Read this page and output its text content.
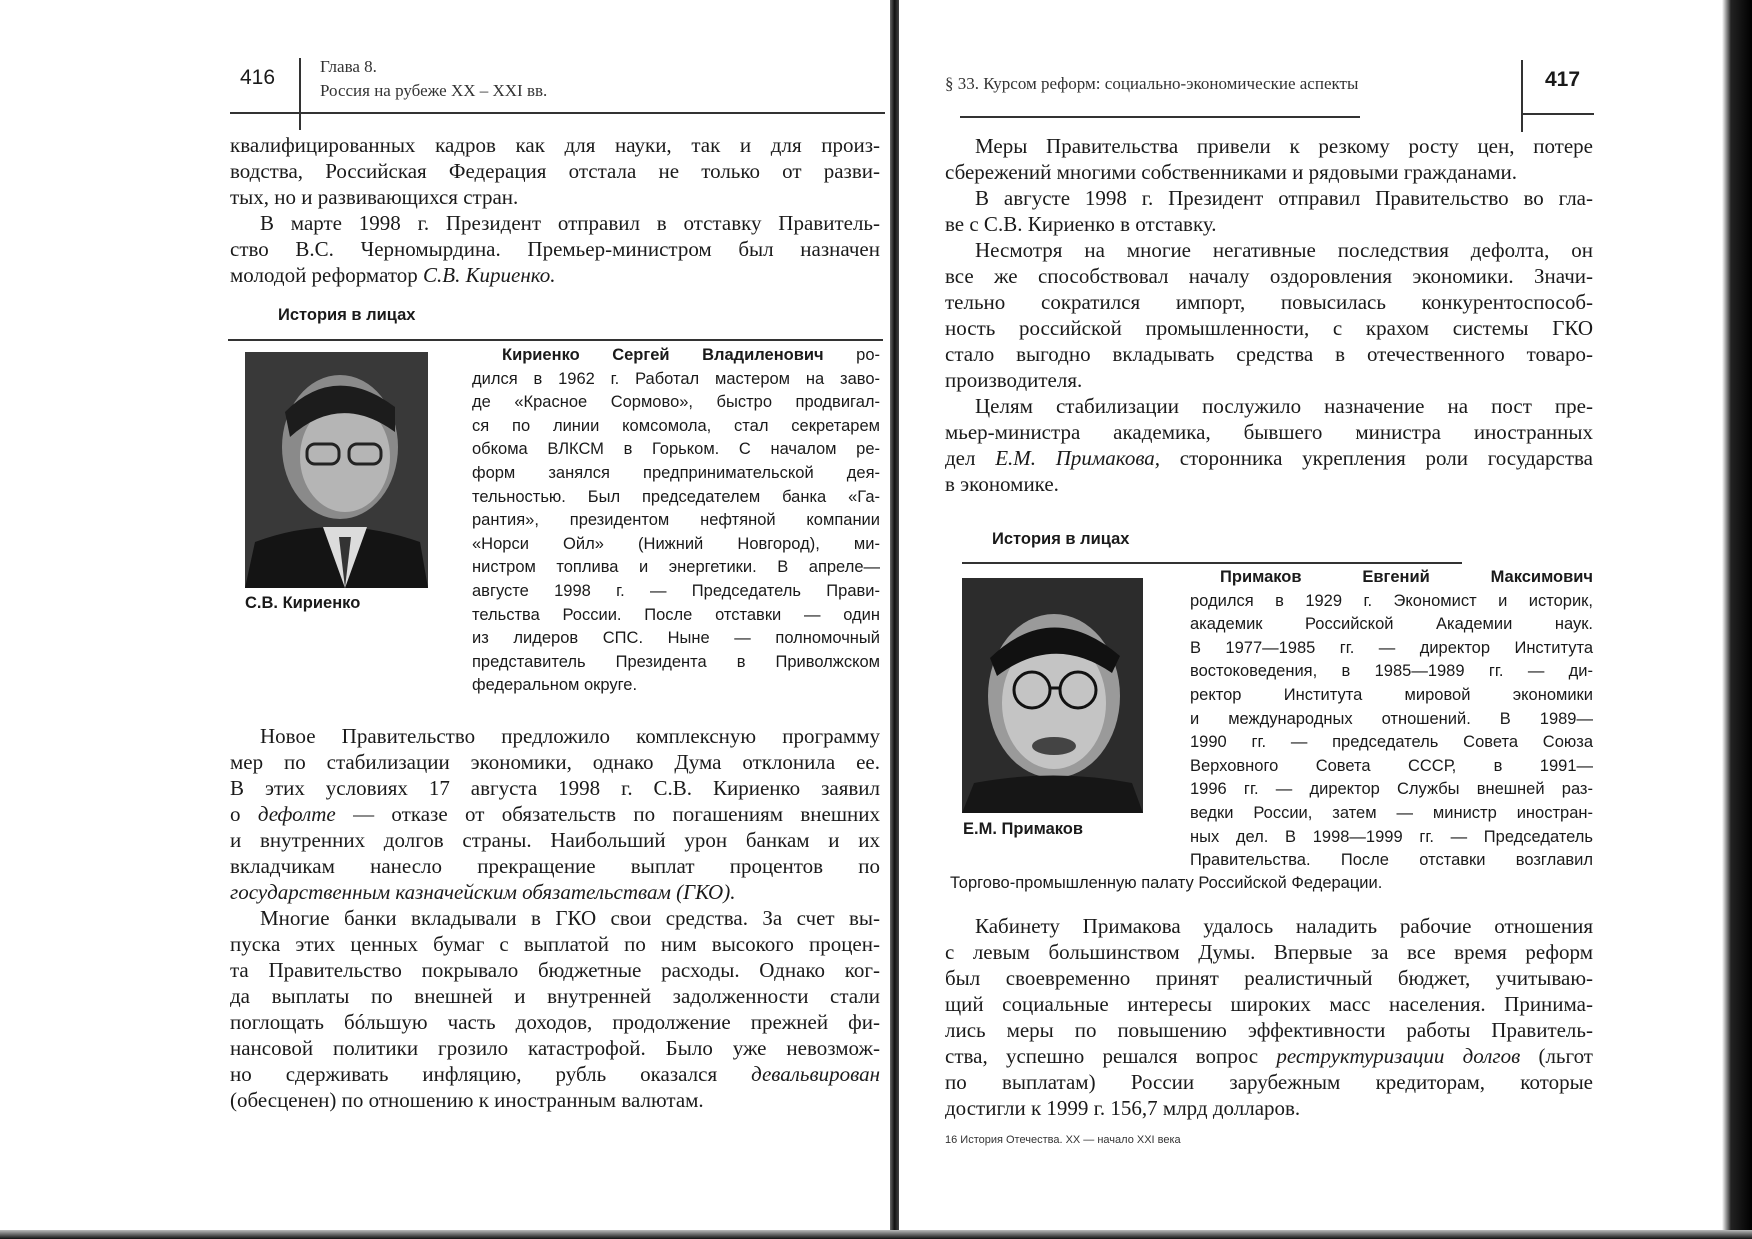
416	Глава 8.
Россия на рубеже XX – XXI вв.
квалифицированных кадров как для науки, так и для произ-
водства, Российская Федерация отстала не только от разви-
тых, но и развивающихся стран.
В марте 1998 г. Президент отправил в отставку Правитель-
ство В.С. Черномырдина. Премьер-министром был назначен
молодой реформатор С.В. Кириенко.
История в лицах
С.В. Кириенко
Кириенко Сергей Владиленович ро-
дился в 1962 г. Работал мастером на заво-
де «Красное Сормово», быстро продвигал-
ся по линии комсомола, стал секретарем
обкома ВЛКСМ в Горьком. С началом ре-
форм занялся предпринимательской дея-
тельностью. Был председателем банка «Га-
рантия», президентом нефтяной компании
«Норси Ойл» (Нижний Новгород), ми-
нистром топлива и энергетики. В апреле—
августе 1998 г. — Председатель Прави-
тельства России. После отставки — один
из лидеров СПС. Ныне — полномочный
представитель Президента в Приволжском
федеральном округе.
Новое Правительство предложило комплексную программу
мер по стабилизации экономики, однако Дума отклонила ее.
В этих условиях 17 августа 1998 г. С.В. Кириенко заявил
о дефолте — отказе от обязательств по погашениям внешних
и внутренних долгов страны. Наибольший урон банкам и их
вкладчикам нанесло прекращение выплат процентов по
государственным казначейским обязательствам (ГКО).
Многие банки вкладывали в ГКО свои средства. За счет вы-
пуска этих ценных бумаг с выплатой по ним высокого процен-
та Правительство покрывало бюджетные расходы. Однако ког-
да выплаты по внешней и внутренней задолженности стали
поглощать бóльшую часть доходов, продолжение прежней фи-
нансовой политики грозило катастрофой. Было уже невозмож-
но сдерживать инфляцию, рубль оказался девальвирован
(обесценен) по отношению к иностранным валютам.
§ 33. Курсом реформ: социально-экономические аспекты	417
Меры Правительства привели к резкому росту цен, потере
сбережений многими собственниками и рядовыми гражданами.
В августе 1998 г. Президент отправил Правительство во гла-
ве с С.В. Кириенко в отставку.
Несмотря на многие негативные последствия дефолта, он
все же способствовал началу оздоровления экономики. Значи-
тельно сократился импорт, повысилась конкурентоспособ-
ность российской промышленности, с крахом системы ГКО
стало выгодно вкладывать средства в отечественного товаро-
производителя.
Целям стабилизации послужило назначение на пост пре-
мьер-министра академика, бывшего министра иностранных
дел Е.М. Примакова, сторонника укрепления роли государства
в экономике.
История в лицах
Е.М. Примаков
Примаков Евгений Максимович
родился в 1929 г. Экономист и историк,
академик Российской Академии наук.
В 1977—1985 гг. — директор Института
востоковедения, в 1985—1989 гг. — ди-
ректор Института мировой экономики
и международных отношений. В 1989—
1990 гг. — председатель Совета Союза
Верховного Совета СССР, в 1991—
1996 гг. — директор Службы внешней раз-
ведки России, затем — министр иностран-
ных дел. В 1998—1999 гг. — Председатель
Правительства. После отставки возглавил
Торгово-промышленную палату Российской Федерации.
Кабинету Примакова удалось наладить рабочие отношения
с левым большинством Думы. Впервые за все время реформ
был своевременно принят реалистичный бюджет, учитываю-
щий социальные интересы широких масс населения. Принима-
лись меры по повышению эффективности работы Правитель-
ства, успешно решался вопрос реструктуризации долгов (льгот
по выплатам) России зарубежным кредиторам, которые
достигли к 1999 г. 156,7 млрд долларов.
16 История Отечества. XX — начало XXI века
